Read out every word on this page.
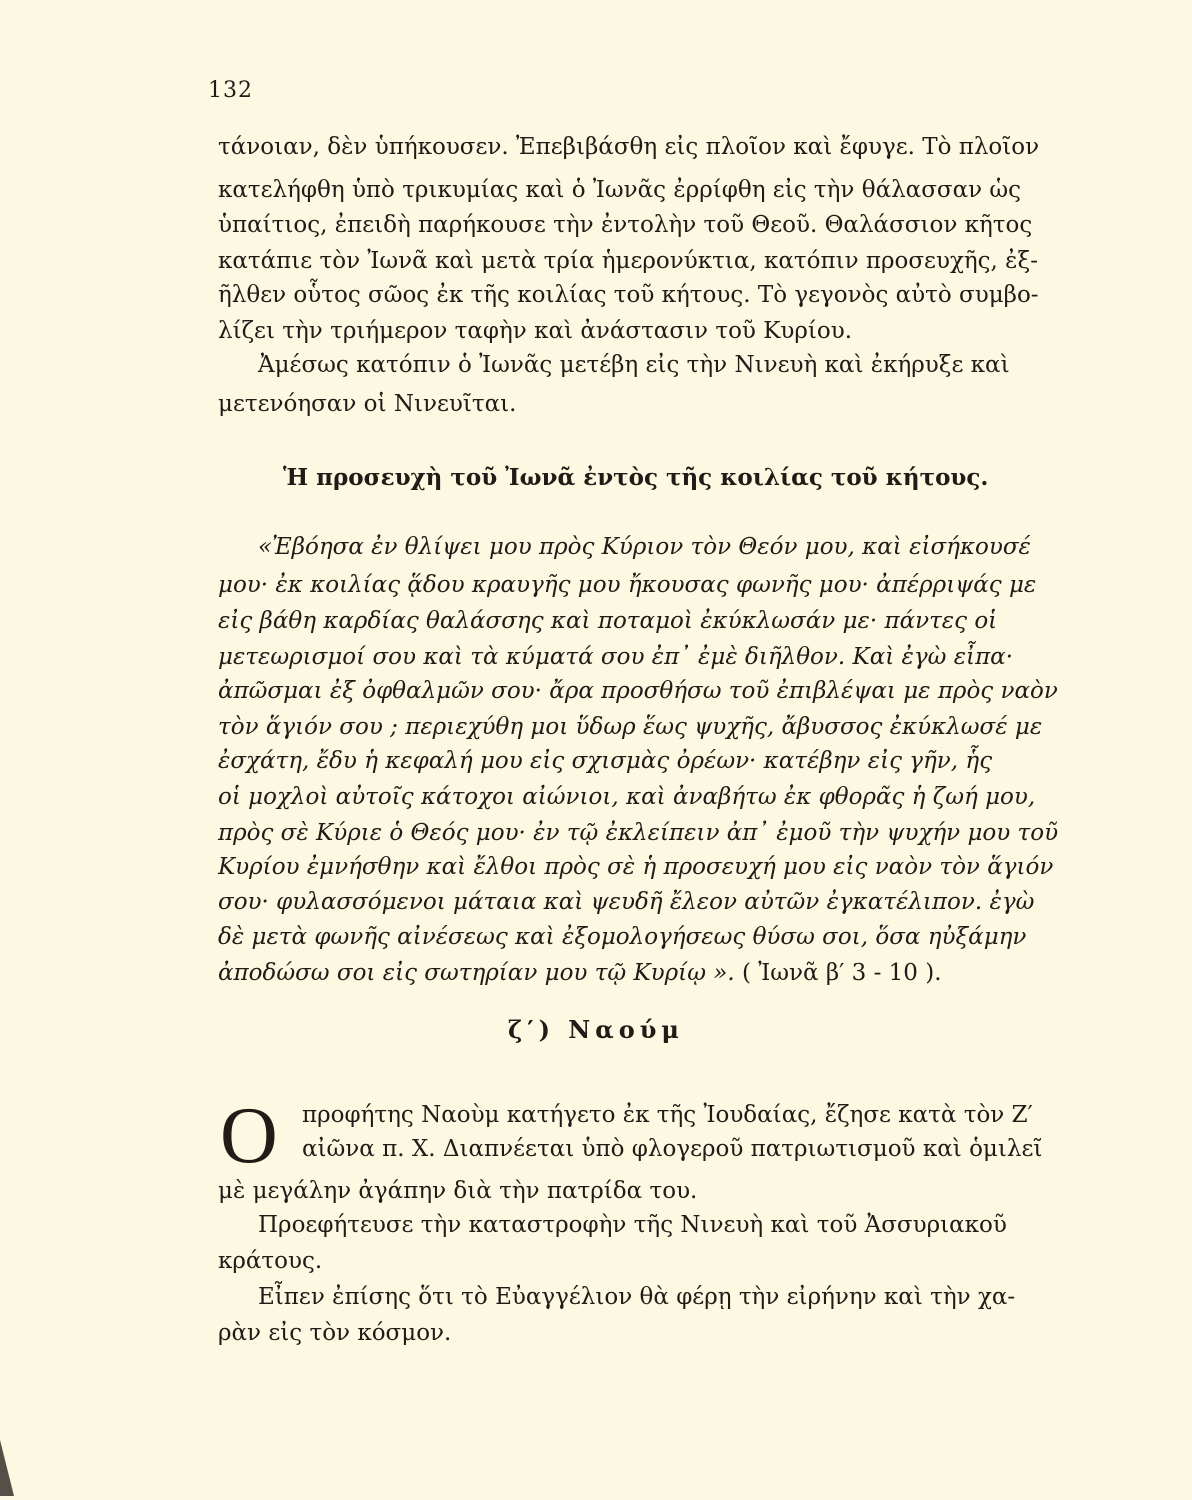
132
τάνοιαν, δὲν ὑπήκουσεν. Ἐπεβιβάσθη εἰς πλοῖον καὶ ἔφυγε. Τὸ πλοῖον
κατελήφθη ὑπὸ τρικυμίας καὶ ὁ Ἰωνᾶς ἐρρίφθη εἰς τὴν θάλασσαν ὡς
ὑπαίτιος, ἐπειδὴ παρήκουσε τὴν ἐντολὴν τοῦ Θεοῦ. Θαλάσσιον κῆτος
κατάπιε τὸν Ἰωνᾶ καὶ μετὰ τρία ἡμερονύκτια, κατόπιν προσευχῆς, ἐξ-
ῆλθεν οὗτος σῶος ἐκ τῆς κοιλίας τοῦ κήτους. Τὸ γεγονὸς αὐτὸ συμβο-
λίζει τὴν τριήμερον ταφὴν καὶ ἀνάστασιν τοῦ Κυρίου.
Ἀμέσως κατόπιν ὁ Ἰωνᾶς μετέβη εἰς τὴν Νινευὴ καὶ ἐκήρυξε καὶ
μετενόησαν οἱ Νινευῖται.
Ἡ προσευχὴ τοῦ Ἰωνᾶ ἐντὸς τῆς κοιλίας τοῦ κήτους.
«Ἐβόησα ἐν θλίψει μου πρὸς Κύριον τὸν Θεόν μου, καὶ εἰσήκουσέ
μου· ἐκ κοιλίας ᾅδου κραυγῆς μου ἤκουσας φωνῆς μου· ἀπέρριψάς με
εἰς βάθη καρδίας θαλάσσης καὶ ποταμοὶ ἐκύκλωσάν με· πάντες οἱ
μετεωρισμοί σου καὶ τὰ κύματά σου ἐπ᾽ ἐμὲ διῆλθον. Καὶ ἐγὼ εἶπα·
ἀπῶσμαι ἐξ ὀφθαλμῶν σου· ἄρα προσθήσω τοῦ ἐπιβλέψαι με πρὸς ναὸν
τὸν ἅγιόν σου ; περιεχύθη μοι ὕδωρ ἕως ψυχῆς, ἄβυσσος ἐκύκλωσέ με
ἐσχάτη, ἔδυ ἡ κεφαλή μου εἰς σχισμὰς ὀρέων· κατέβην εἰς γῆν, ἧς
οἱ μοχλοὶ αὐτοῖς κάτοχοι αἰώνιοι, καὶ ἀναβήτω ἐκ φθορᾶς ἡ ζωή μου,
πρὸς σὲ Κύριε ὁ Θεός μου· ἐν τῷ ἐκλείπειν ἀπ᾽ ἐμοῦ τὴν ψυχήν μου τοῦ
Κυρίου ἐμνήσθην καὶ ἔλθοι πρὸς σὲ ἡ προσευχή μου εἰς ναὸν τὸν ἅγιόν
σου· φυλασσόμενοι μάταια καὶ ψευδῆ ἔλεον αὐτῶν ἐγκατέλιπον. ἐγὼ
δὲ μετὰ φωνῆς αἰνέσεως καὶ ἐξομολογήσεως θύσω σοι, ὅσα ηὐξάμην
ἀποδώσω σοι εἰς σωτηρίαν μου τῷ Κυρίῳ ». ( Ἰωνᾶ β′ 3 - 10 ).
ζ′) Ναούμ
Ο προφήτης Ναοὺμ κατήγετο ἐκ τῆς Ἰουδαίας, ἔζησε κατὰ τὸν Ζ′
αἰῶνα π. Χ. Διαπνέεται ὑπὸ φλογεροῦ πατριωτισμοῦ καὶ ὁμιλεῖ
μὲ μεγάλην ἀγάπην διὰ τὴν πατρίδα του.
Προεφήτευσε τὴν καταστροφὴν τῆς Νινευὴ καὶ τοῦ Ἀσσυριακοῦ
κράτους.
Εἶπεν ἐπίσης ὅτι τὸ Εὐαγγέλιον θὰ φέρῃ τὴν εἰρήνην καὶ τὴν χα-
ρὰν εἰς τὸν κόσμον.
